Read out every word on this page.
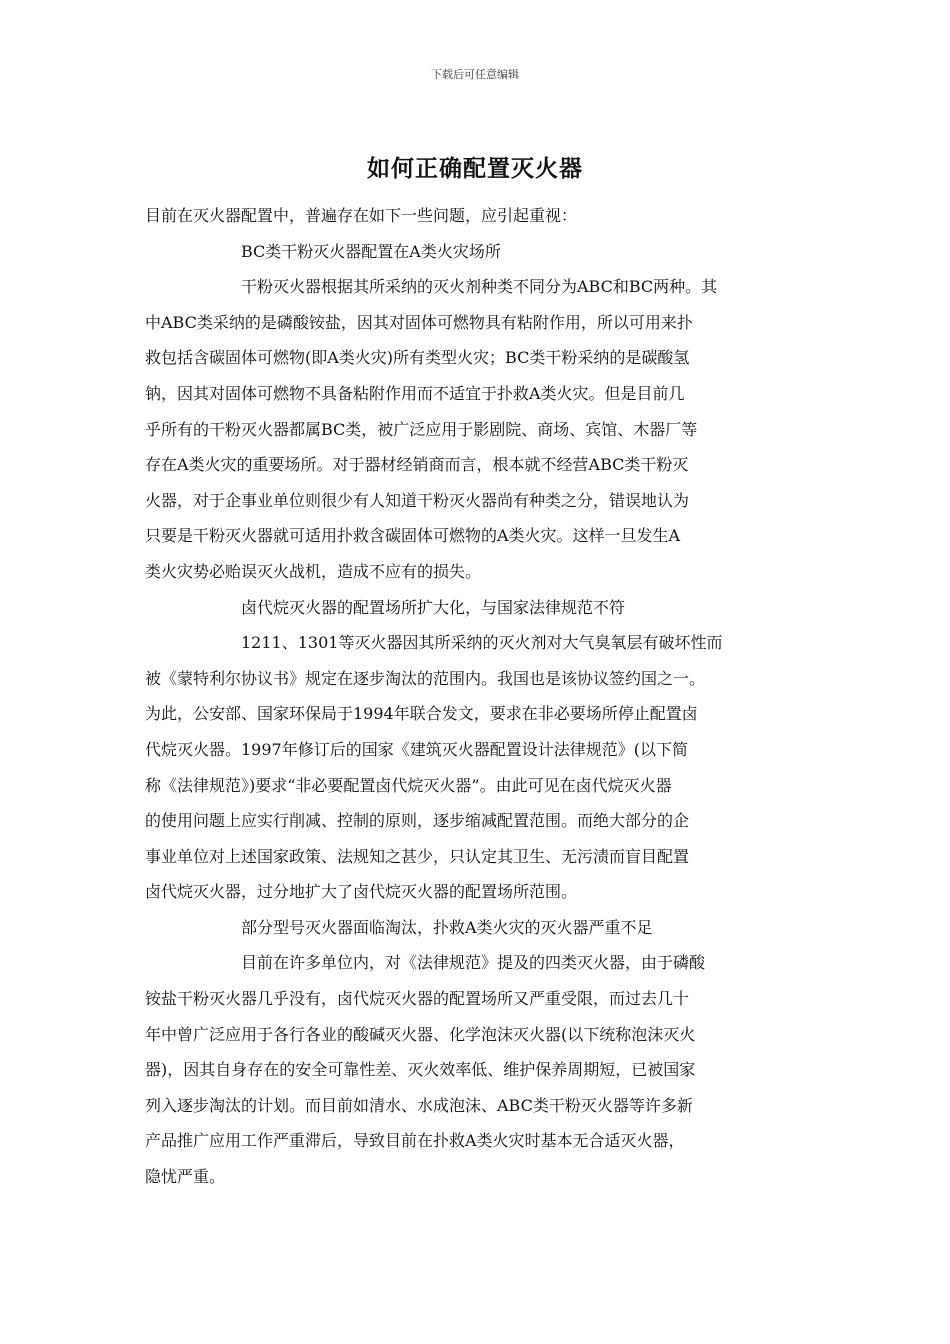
下载后可任意编辑
如何正确配置灭火器
目前在灭火器配置中，普遍存在如下一些问题，应引起重视：
BC类干粉灭火器配置在A类火灾场所
干粉灭火器根据其所采纳的灭火剂种类不同分为ABC和BC两种。其
中ABC类采纳的是磷酸铵盐，因其对固体可燃物具有粘附作用，所以可用来扑
救包括含碳固体可燃物(即A类火灾)所有类型火灾；BC类干粉采纳的是碳酸氢
钠，因其对固体可燃物不具备粘附作用而不适宜于扑救A类火灾。但是目前几
乎所有的干粉灭火器都属BC类，被广泛应用于影剧院、商场、宾馆、木器厂等
存在A类火灾的重要场所。对于器材经销商而言，根本就不经营ABC类干粉灭
火器，对于企事业单位则很少有人知道干粉灭火器尚有种类之分，错误地认为
只要是干粉灭火器就可适用扑救含碳固体可燃物的A类火灾。这样一旦发生A
类火灾势必贻误灭火战机，造成不应有的损失。
卤代烷灭火器的配置场所扩大化，与国家法律规范不符
1211、1301等灭火器因其所采纳的灭火剂对大气臭氧层有破坏性而
被《蒙特利尔协议书》规定在逐步淘汰的范围内。我国也是该协议签约国之一。
为此，公安部、国家环保局于1994年联合发文，要求在非必要场所停止配置卤
代烷灭火器。1997年修订后的国家《建筑灭火器配置设计法律规范》(以下简
称《法律规范》)要求“非必要配置卤代烷灭火器”。由此可见在卤代烷灭火器
的使用问题上应实行削减、控制的原则，逐步缩减配置范围。而绝大部分的企
事业单位对上述国家政策、法规知之甚少，只认定其卫生、无污渍而盲目配置
卤代烷灭火器，过分地扩大了卤代烷灭火器的配置场所范围。
部分型号灭火器面临淘汰，扑救A类火灾的灭火器严重不足
目前在许多单位内，对《法律规范》提及的四类灭火器，由于磷酸
铵盐干粉灭火器几乎没有，卤代烷灭火器的配置场所又严重受限，而过去几十
年中曾广泛应用于各行各业的酸碱灭火器、化学泡沫灭火器(以下统称泡沫灭火
器)，因其自身存在的安全可靠性差、灭火效率低、维护保养周期短，已被国家
列入逐步淘汰的计划。而目前如清水、水成泡沫、ABC类干粉灭火器等许多新
产品推广应用工作严重滞后，导致目前在扑救A类火灾时基本无合适灭火器，
隐忧严重。
